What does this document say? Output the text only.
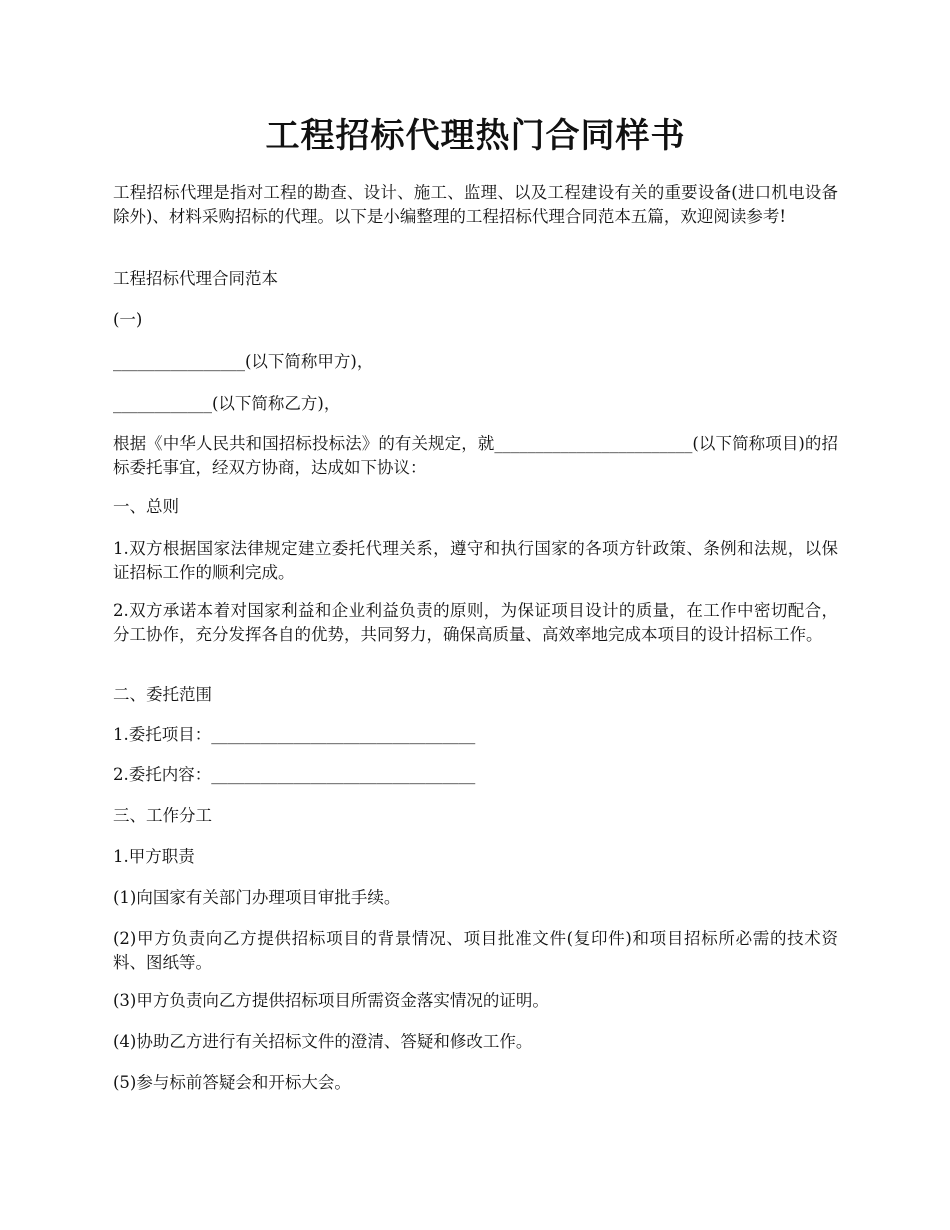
工程招标代理热门合同样书

工程招标代理是指对工程的勘查、设计、施工、监理、以及工程建设有关的重要设备(进口机电设备除外)、材料采购招标的代理。以下是小编整理的工程招标代理合同范本五篇，欢迎阅读参考!

工程招标代理合同范本

(一)

________________(以下简称甲方)，

____________(以下简称乙方)，

根据《中华人民共和国招标投标法》的有关规定，就________________________(以下简称项目)的招标委托事宜，经双方协商，达成如下协议：

一、总则

1.双方根据国家法律规定建立委托代理关系，遵守和执行国家的各项方针政策、条例和法规，以保证招标工作的顺利完成。

2.双方承诺本着对国家利益和企业利益负责的原则，为保证项目设计的质量，在工作中密切配合，分工协作，充分发挥各自的优势，共同努力，确保高质量、高效率地完成本项目的设计招标工作。

二、委托范围

1.委托项目：________________________________

2.委托内容：________________________________

三、工作分工

1.甲方职责

(1)向国家有关部门办理项目审批手续。

(2)甲方负责向乙方提供招标项目的背景情况、项目批准文件(复印件)和项目招标所必需的技术资料、图纸等。

(3)甲方负责向乙方提供招标项目所需资金落实情况的证明。

(4)协助乙方进行有关招标文件的澄清、答疑和修改工作。

(5)参与标前答疑会和开标大会。
